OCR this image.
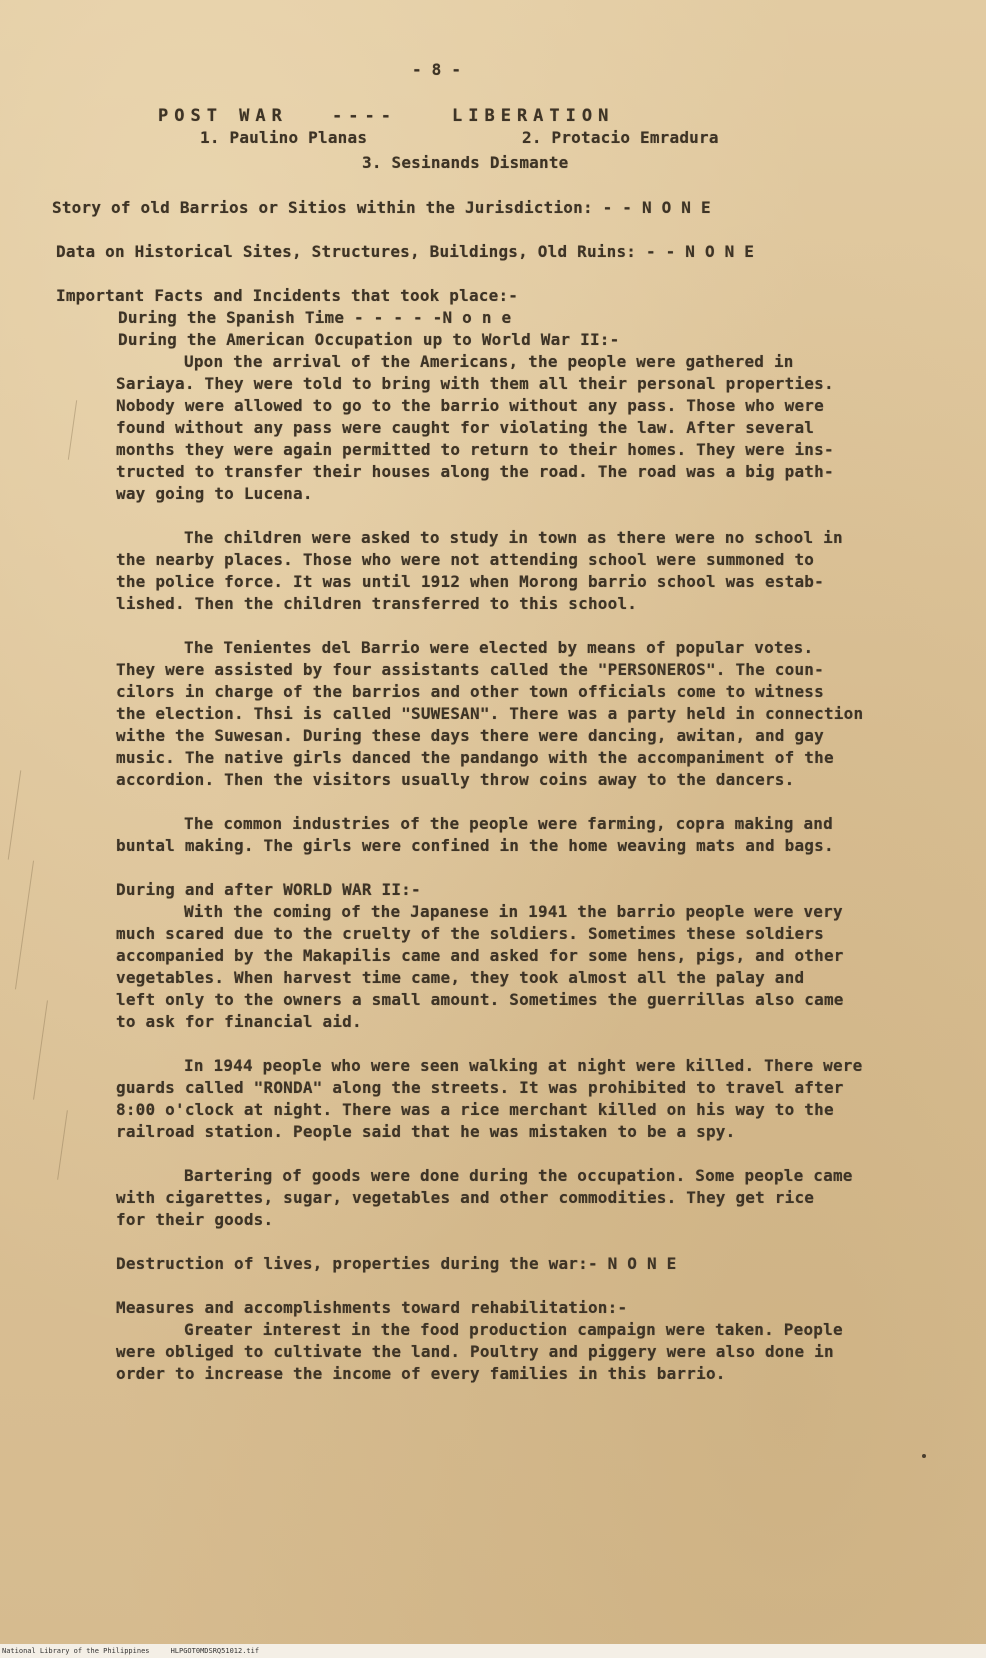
- 8 -
POST WAR	----	LIBERATION
1. Paulino Planas	2. Protacio Emradura
3. Sesinands Dismante
Story of old Barrios or Sitios within the Jurisdiction: - - N O N E
Data on Historical Sites, Structures, Buildings, Old Ruins: - - N O N E
Important Facts and Incidents that took place:-
During the Spanish Time - - - - -N o n e
During the American Occupation up to World War II:-
Upon the arrival of the Americans, the people were gathered in
Sariaya. They were told to bring with them all their personal properties.
Nobody were allowed to go to the barrio without any pass. Those who were
found without any pass were caught for violating the law. After several
months they were again permitted to return to their homes. They were ins-
tructed to transfer their houses along the road. The road was a big path-
way going to Lucena.
The children were asked to study in town as there were no school in
the nearby places. Those who were not attending school were summoned to
the police force. It was until 1912 when Morong barrio school was estab-
lished. Then the children transferred to this school.
The Tenientes del Barrio were elected by means of popular votes.
They were assisted by four assistants called the "PERSONEROS". The coun-
cilors in charge of the barrios and other town officials come to witness
the election. Thsi is called "SUWESAN". There was a party held in connection
withe the Suwesan. During these days there were dancing, awitan, and gay
music. The native girls danced the pandango with the accompaniment of the
accordion. Then the visitors usually throw coins away to the dancers.
The common industries of the people were farming, copra making and
buntal making. The girls were confined in the home weaving mats and bags.
During and after WORLD WAR II:-
With the coming of the Japanese in 1941 the barrio people were very
much scared due to the cruelty of the soldiers. Sometimes these soldiers
accompanied by the Makapilis came and asked for some hens, pigs, and other
vegetables. When harvest time came, they took almost all the palay and
left only to the owners a small amount. Sometimes the guerrillas also came
to ask for financial aid.
In 1944 people who were seen walking at night were killed. There were
guards called "RONDA" along the streets. It was prohibited to travel after
8:00 o'clock at night. There was a rice merchant killed on his way to the
railroad station. People said that he was mistaken to be a spy.
Bartering of goods were done during the occupation. Some people came
with cigarettes, sugar, vegetables and other commodities. They get rice
for their goods.
Destruction of lives, properties during the war:- N O N E
Measures and accomplishments toward rehabilitation:-
Greater interest in the food production campaign were taken. People
were obliged to cultivate the land. Poultry and piggery were also done in
order to increase the income of every families in this barrio.
National Library of the Philippines     HLPGOT0MDSRQ51012.tif
